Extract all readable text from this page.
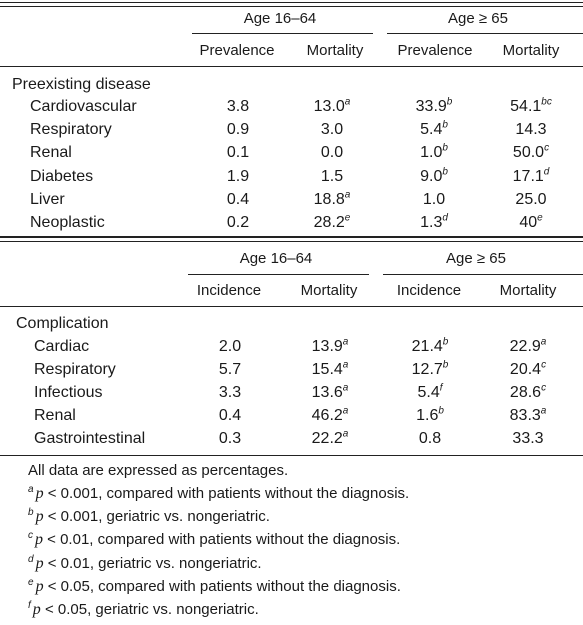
Age 16–64	Age ≥ 65
Prevalence Mortality Prevalence Mortality
Preexisting disease
Cardiovascular	3.8	13.0$^a$	33.9$^b$	54.1$^{bc}$
Respiratory	0.9	3.0	5.4$^b$	14.3
Renal	0.1	0.0	1.0$^b$	50.0$^c$
Diabetes	1.9	1.5	9.0$^b$	17.1$^d$
Liver	0.4	18.8$^a$	1.0	25.0
Neoplastic	0.2	28.2e	1.3$^d$	40e
Age 16–64	Age ≥ 65
Incidence	Mortality	Incidence	Mortality
Complication
Cardiac	2.0	13.9$^a$	21.4$^b$	22.9$^a$
Respiratory	5.7	15.4$^a$	12.7$^b$	20.4$^c$
Infectious	3.3	13.6$^a$	5.4$^f$	28.6$^c$
Renal	0.4	46.2$^a$	1.6$^b$	83.3$^a$
Gastrointestinal	0.3	22.2$^a$	0.8	33.3
All data are expressed as percentages.
$^a$ p < 0.001, compared with patients without the diagnosis.
$^b$ p < 0.001, geriatric vs. nongeriatric.
$^c$ p < 0.01, compared with patients without the diagnosis.
$^d$ p < 0.01, geriatric vs. nongeriatric.
$^e$ p < 0.05, compared with patients without the diagnosis.
$^f$ p < 0.05, geriatric vs. nongeriatric.
